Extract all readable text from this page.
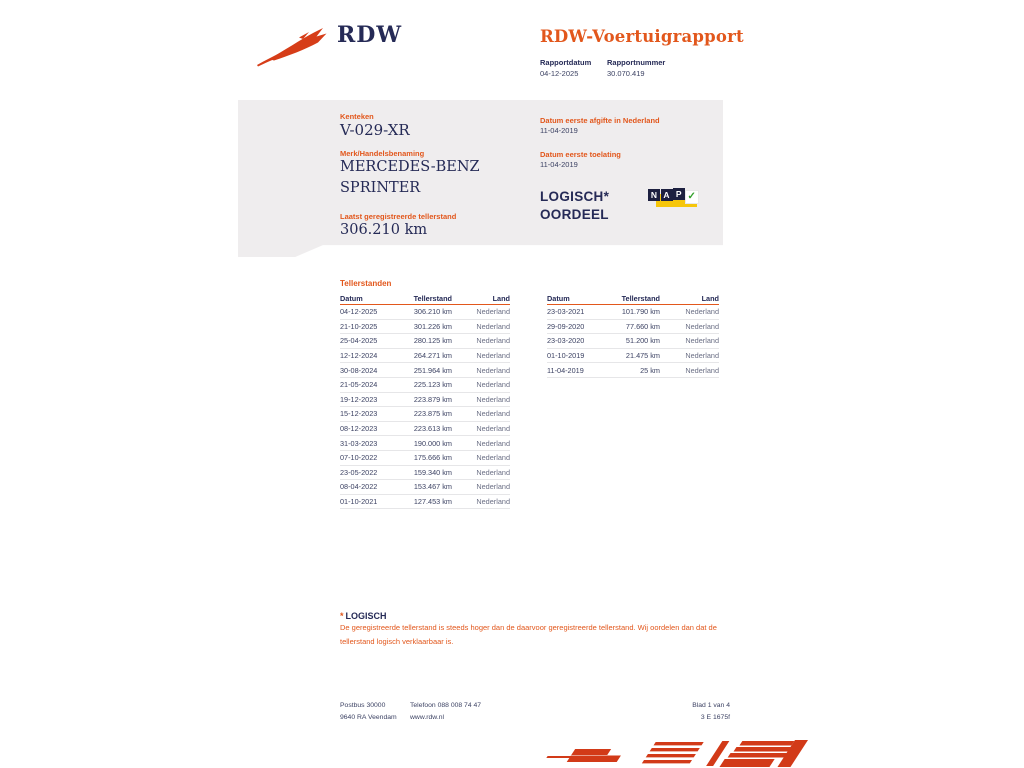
RDW	RDW-Voertuigrapport
Rapportdatum
04-12-2025
Rapportnummer
30.070.419
Kenteken
V-029-XR
Merk/Handelsbenaming
MERCEDES-BENZ
SPRINTER
Laatst geregistreerde tellerstand
306.210 km
Datum eerste afgifte in Nederland
11-04-2019
Datum eerste toelating
11-04-2019
LOGISCH*
OORDEEL
N A P ✓
Tellerstanden
Datum	Tellerstand	Land
04-12-2025	306.210 km	Nederland
21-10-2025	301.226 km	Nederland
25-04-2025	280.125 km	Nederland
12-12-2024	264.271 km	Nederland
30-08-2024	251.964 km	Nederland
21-05-2024	225.123 km	Nederland
19-12-2023	223.879 km	Nederland
15-12-2023	223.875 km	Nederland
08-12-2023	223.613 km	Nederland
31-03-2023	190.000 km	Nederland
07-10-2022	175.666 km	Nederland
23-05-2022	159.340 km	Nederland
08-04-2022	153.467 km	Nederland
01-10-2021	127.453 km	Nederland
Datum	Tellerstand	Land
23-03-2021	101.790 km	Nederland
29-09-2020	77.660 km	Nederland
23-03-2020	51.200 km	Nederland
01-10-2019	21.475 km	Nederland
11-04-2019	25 km	Nederland
* LOGISCH
De geregistreerde tellerstand is steeds hoger dan de daarvoor geregistreerde tellerstand. Wij oordelen dan dat de tellerstand logisch verklaarbaar is.
Postbus 30000
9640 RA Veendam
Telefoon 088 008 74 47
www.rdw.nl
Blad 1 van 4
3 E 1675f
